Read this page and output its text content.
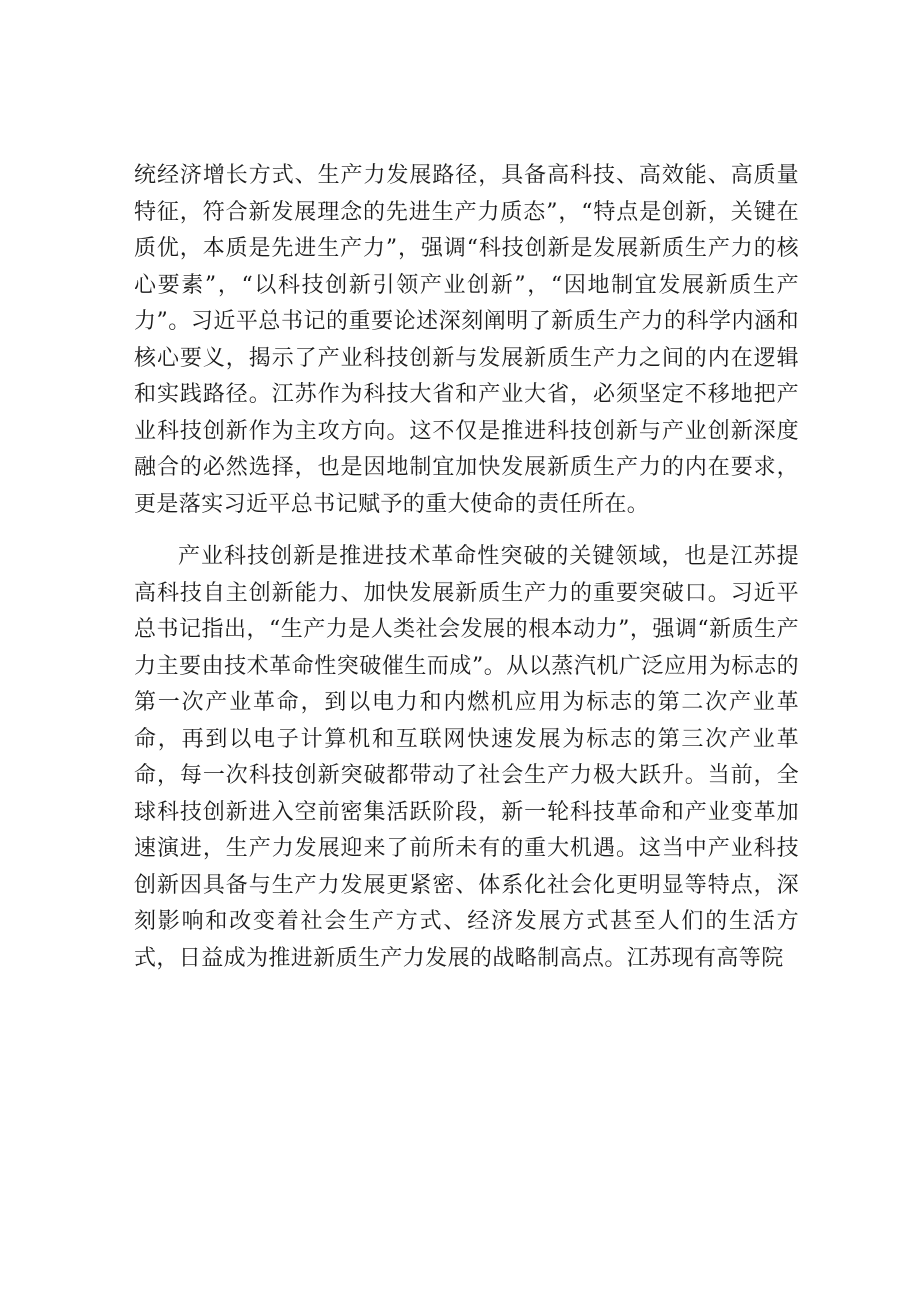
统经济增长方式、生产力发展路径，具备高科技、高效能、高质量特征，符合新发展理念的先进生产力质态”，“特点是创新，关键在质优，本质是先进生产力”，强调“科技创新是发展新质生产力的核心要素”，“以科技创新引领产业创新”，“因地制宜发展新质生产力”。习近平总书记的重要论述深刻阐明了新质生产力的科学内涵和核心要义，揭示了产业科技创新与发展新质生产力之间的内在逻辑和实践路径。江苏作为科技大省和产业大省，必须坚定不移地把产业科技创新作为主攻方向。这不仅是推进科技创新与产业创新深度融合的必然选择，也是因地制宜加快发展新质生产力的内在要求，更是落实习近平总书记赋予的重大使命的责任所在。

产业科技创新是推进技术革命性突破的关键领域，也是江苏提高科技自主创新能力、加快发展新质生产力的重要突破口。习近平总书记指出，“生产力是人类社会发展的根本动力”，强调“新质生产力主要由技术革命性突破催生而成”。从以蒸汽机广泛应用为标志的第一次产业革命，到以电力和内燃机应用为标志的第二次产业革命，再到以电子计算机和互联网快速发展为标志的第三次产业革命，每一次科技创新突破都带动了社会生产力极大跃升。当前，全球科技创新进入空前密集活跃阶段，新一轮科技革命和产业变革加速演进，生产力发展迎来了前所未有的重大机遇。这当中产业科技创新因具备与生产力发展更紧密、体系化社会化更明显等特点，深刻影响和改变着社会生产方式、经济发展方式甚至人们的生活方式，日益成为推进新质生产力发展的战略制高点。江苏现有高等院
